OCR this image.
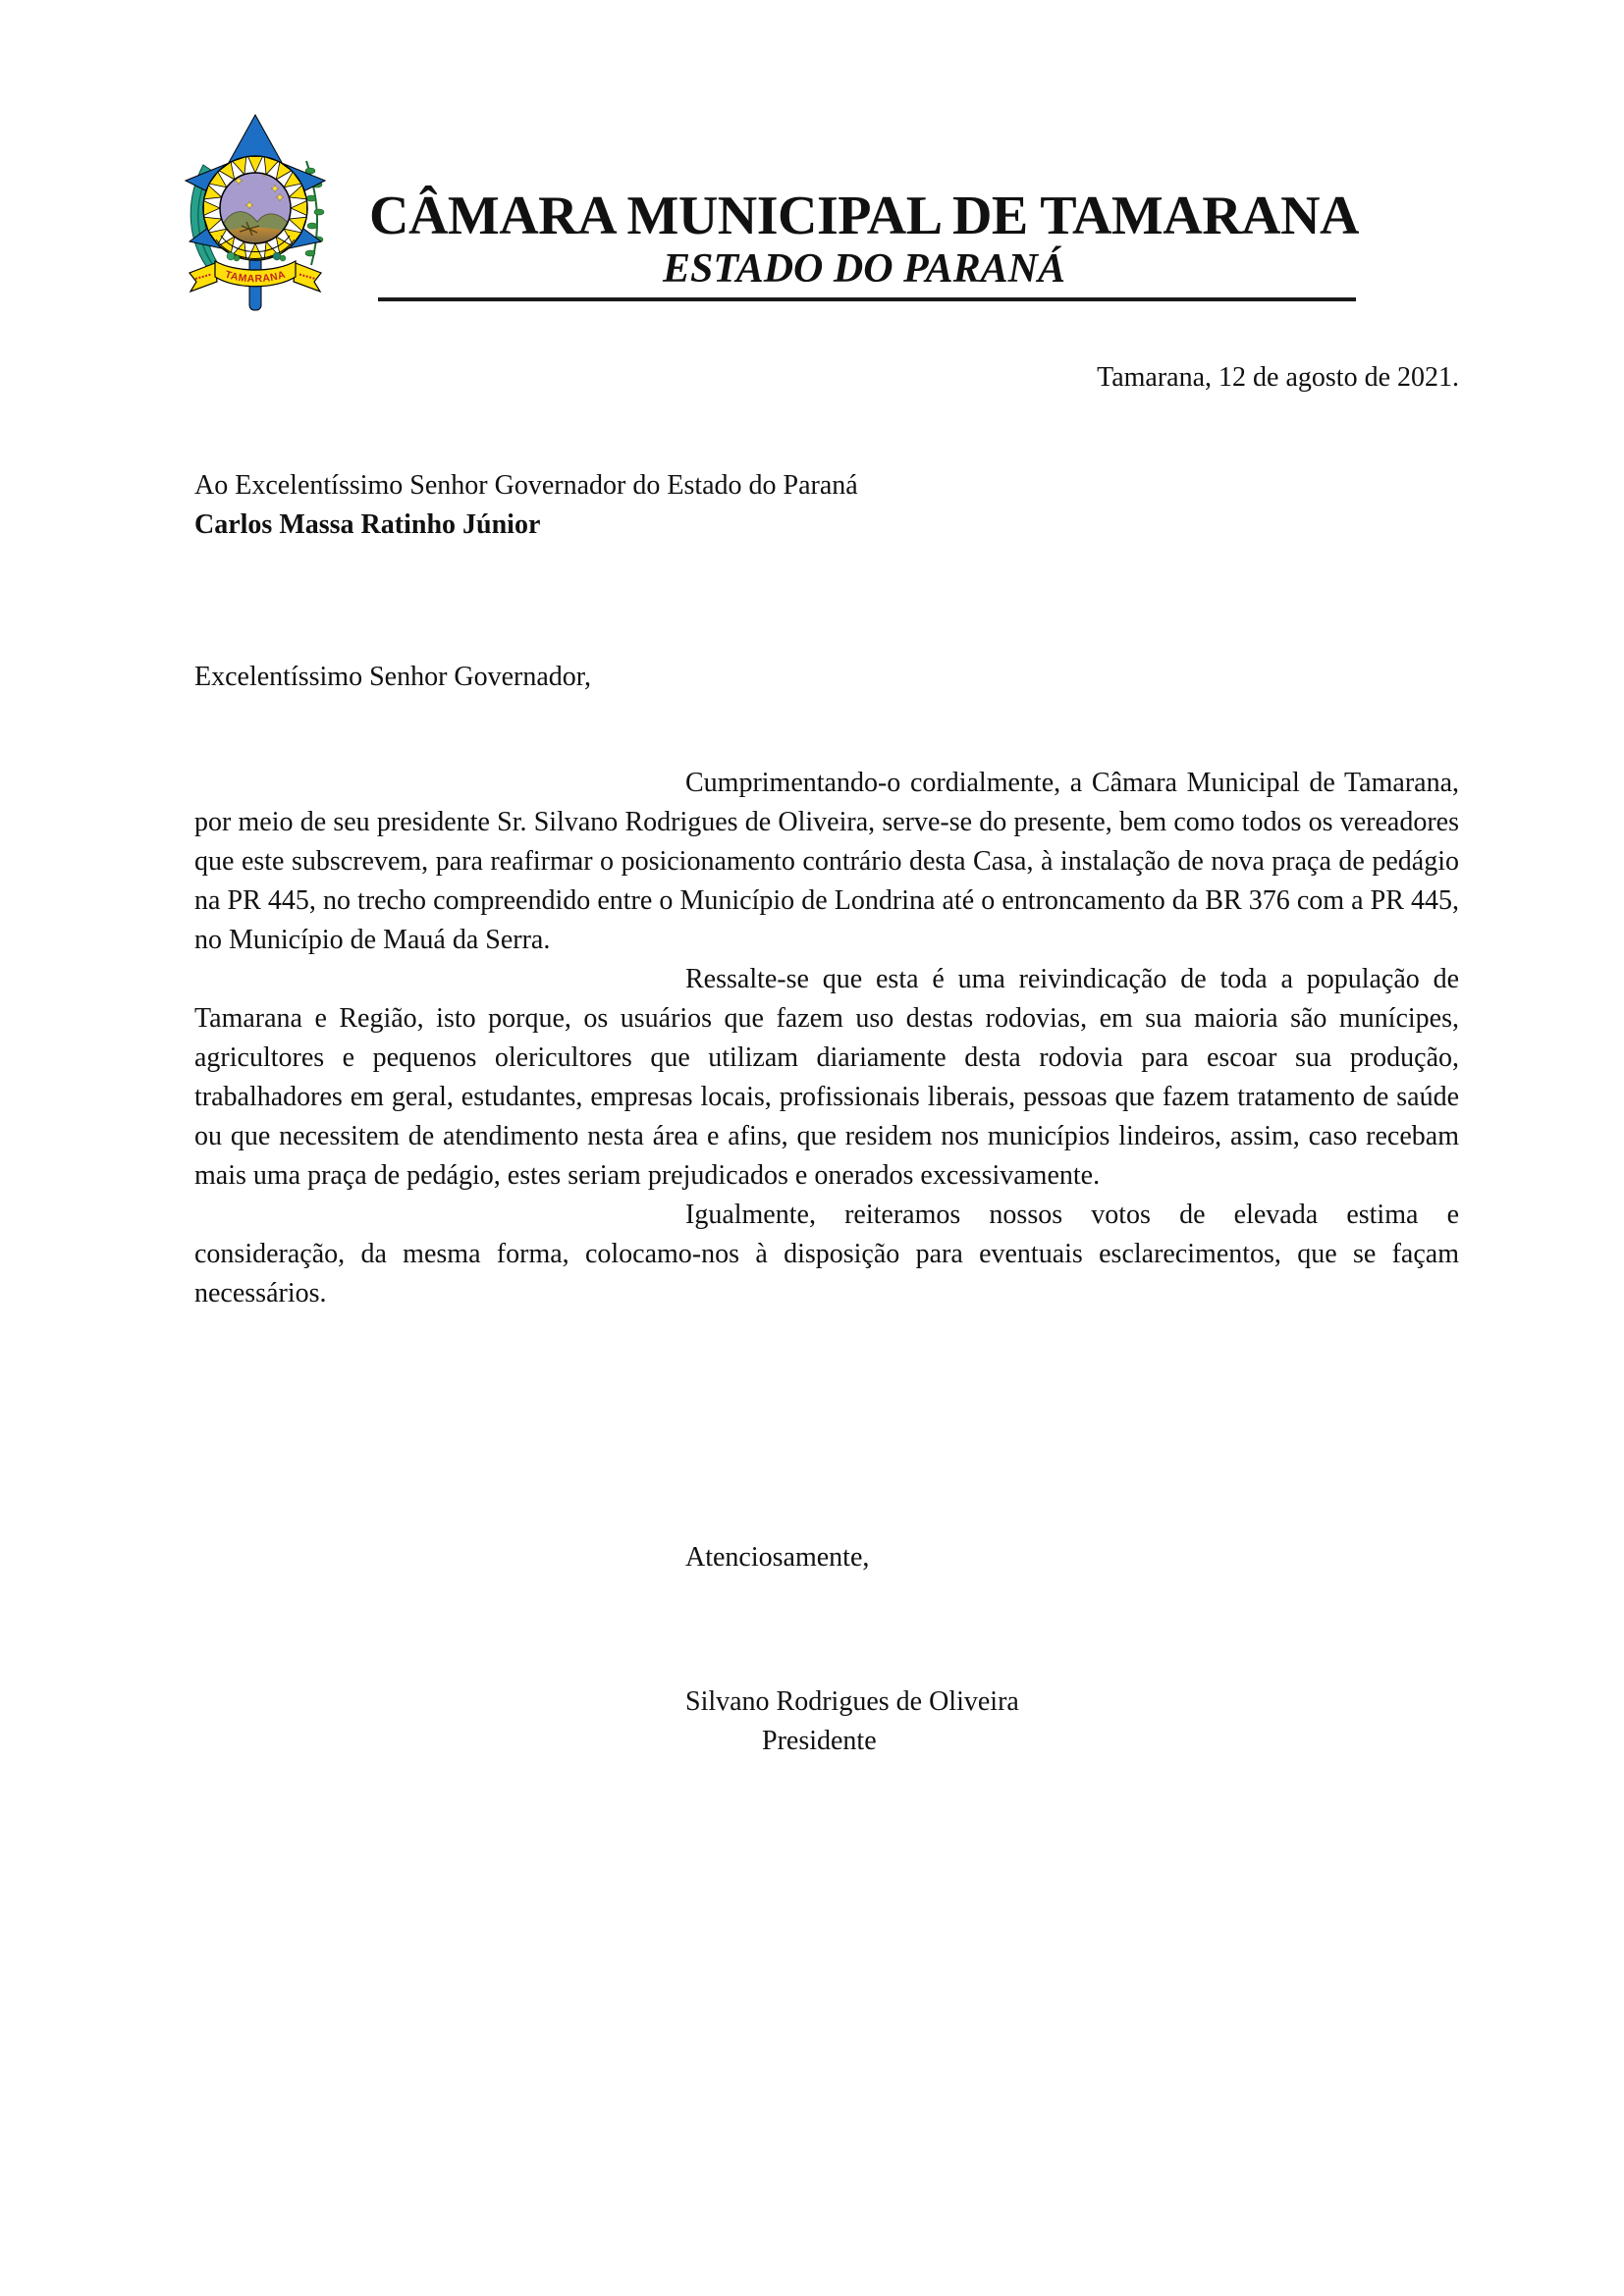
TAMARANA
CÂMARA MUNICIPAL DE TAMARANA
ESTADO DO PARANÁ
Tamarana, 12 de agosto de 2021.
Ao Excelentíssimo Senhor Governador do Estado do Paraná
Carlos Massa Ratinho Júnior
Excelentíssimo Senhor Governador,

Cumprimentando-o cordialmente, a Câmara Municipal de Tamarana, por meio de seu presidente Sr. Silvano Rodrigues de Oliveira, serve-se do presente, bem como todos os vereadores que este subscrevem, para reafirmar o posicionamento contrário desta Casa, à instalação de nova praça de pedágio na PR 445, no trecho compreendido entre o Município de Londrina até o entroncamento da BR 376 com a PR 445, no Município de Mauá da Serra.

Ressalte-se que esta é uma reivindicação de toda a população de Tamarana e Região, isto porque, os usuários que fazem uso destas rodovias, em sua maioria são munícipes, agricultores e pequenos olericultores que utilizam diariamente desta rodovia para escoar sua produção, trabalhadores em geral, estudantes, empresas locais, profissionais liberais, pessoas que fazem tratamento de saúde ou que necessitem de atendimento nesta área e afins, que residem nos municípios lindeiros, assim, caso recebam mais uma praça de pedágio, estes seriam prejudicados e onerados excessivamente.

Igualmente, reiteramos nossos votos de elevada estima e consideração, da mesma forma, colocamo-nos à disposição para eventuais esclarecimentos, que se façam necessários.

Atenciosamente,
Silvano Rodrigues de Oliveira
Presidente
